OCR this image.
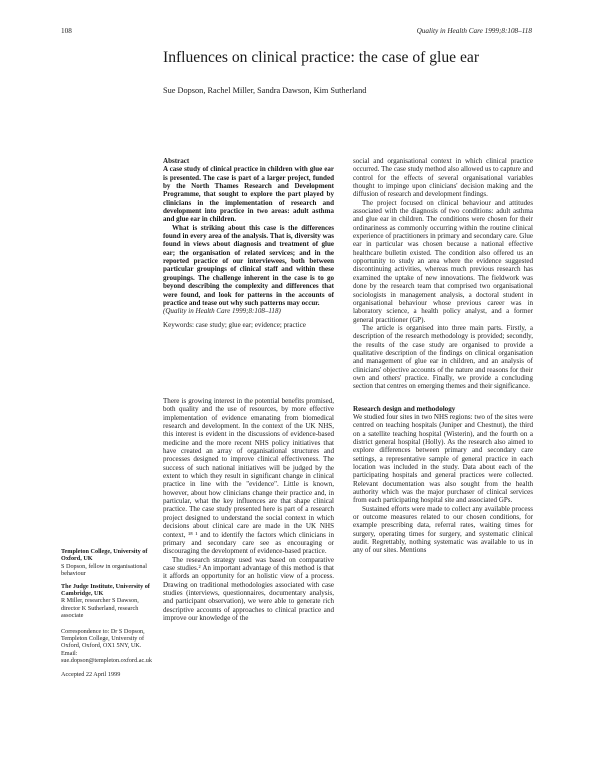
108	Quality in Health Care 1999;8:108–118
Influences on clinical practice: the case of glue ear
Sue Dopson, Rachel Miller, Sandra Dawson, Kim Sutherland
Templeton College, University of Oxford, UK
S Dopson, fellow in organisational behaviour
The Judge Institute, University of Cambridge, UK
R Miller, researcher S Dawson, director K Sutherland, research associate
Correspondence to: Dr S Dopson, Templeton College, University of Oxford, Oxford, OX1 5NY, UK. Email: sue.dopson@templeton.oxford.ac.uk
Accepted 22 April 1999
Abstract

A case study of clinical practice in children with glue ear is presented. The case is part of a larger project, funded by the North Thames Research and Development Programme, that sought to explore the part played by clinicians in the implementation of research and development into practice in two areas: adult asthma and glue ear in children.

What is striking about this case is the differences found in every area of the analysis. That is, diversity was found in views about diagnosis and treatment of glue ear; the organisation of related services; and in the reported practice of our interviewees, both between particular groupings of clinical staff and within these groupings. The challenge inherent in the case is to go beyond describing the complexity and differences that were found, and look for patterns in the accounts of practice and tease out why such patterns may occur.

(Quality in Health Care 1999;8:108–118)

Keywords: case study; glue ear; evidence; practice

There is growing interest in the potential benefits promised, both quality and the use of resources, by more effective implementation of evidence emanating from biomedical research and development. In the context of the UK NHS, this interest is evident in the discussions of evidence-based medicine and the more recent NHS policy initiatives that have created an array of organisational structures and processes designed to improve clinical effectiveness. The success of such national initiatives will be judged by the extent to which they result in significant change in clinical practice in line with the "evidence". Little is known, however, about how clinicians change their practice and, in particular, what the key influences are that shape clinical practice. The case study presented here is part of a research project designed to understand the social context in which decisions about clinical care are made in the UK NHS context, ¹⁸ ¹ and to identify the factors which clinicians in primary and secondary care see as encouraging or discouraging the development of evidence-based practice.

The research strategy used was based on comparative case studies.² An important advantage of this method is that it affords an opportunity for an holistic view of a process. Drawing on traditional methodologies associated with case studies (interviews, questionnaires, documentary analysis, and participant observation), we were able to generate rich descriptive accounts of approaches to clinical practice and improve our knowledge of the

social and organisational context in which clinical practice occurred. The case study method also allowed us to capture and control for the effects of several organisational variables thought to impinge upon clinicians' decision making and the diffusion of research and development findings.

The project focused on clinical behaviour and attitudes associated with the diagnosis of two conditions: adult asthma and glue ear in children. The conditions were chosen for their ordinariness as commonly occurring within the routine clinical experience of practitioners in primary and secondary care. Glue ear in particular was chosen because a national effective healthcare bulletin existed. The condition also offered us an opportunity to study an area where the evidence suggested discontinuing activities, whereas much previous research has examined the uptake of new innovations. The fieldwork was done by the research team that comprised two organisational sociologists in management analysis, a doctoral student in organisational behaviour whose previous career was in laboratory science, a health policy analyst, and a former general practitioner (GP).

The article is organised into three main parts. Firstly, a description of the research methodology is provided; secondly, the results of the case study are organised to provide a qualitative description of the findings on clinical organisation and management of glue ear in children, and an analysis of clinicians' objective accounts of the nature and reasons for their own and others' practice. Finally, we provide a concluding section that centres on emerging themes and their significance.

Research design and methodology

We studied four sites in two NHS regions: two of the sites were centred on teaching hospitals (Juniper and Chestnut), the third on a satellite teaching hospital (Wisterin), and the fourth on a district general hospital (Holly). As the research also aimed to explore differences between primary and secondary care settings, a representative sample of general practice in each location was included in the study. Data about each of the participating hospitals and general practices were collected. Relevant documentation was also sought from the health authority which was the major purchaser of clinical services from each participating hospital site and associated GPs.

Sustained efforts were made to collect any available process or outcome measures related to our chosen conditions, for example prescribing data, referral rates, waiting times for surgery, operating times for surgery, and systematic clinical audit. Regrettably, nothing systematic was available to us in any of our sites. Mentions
